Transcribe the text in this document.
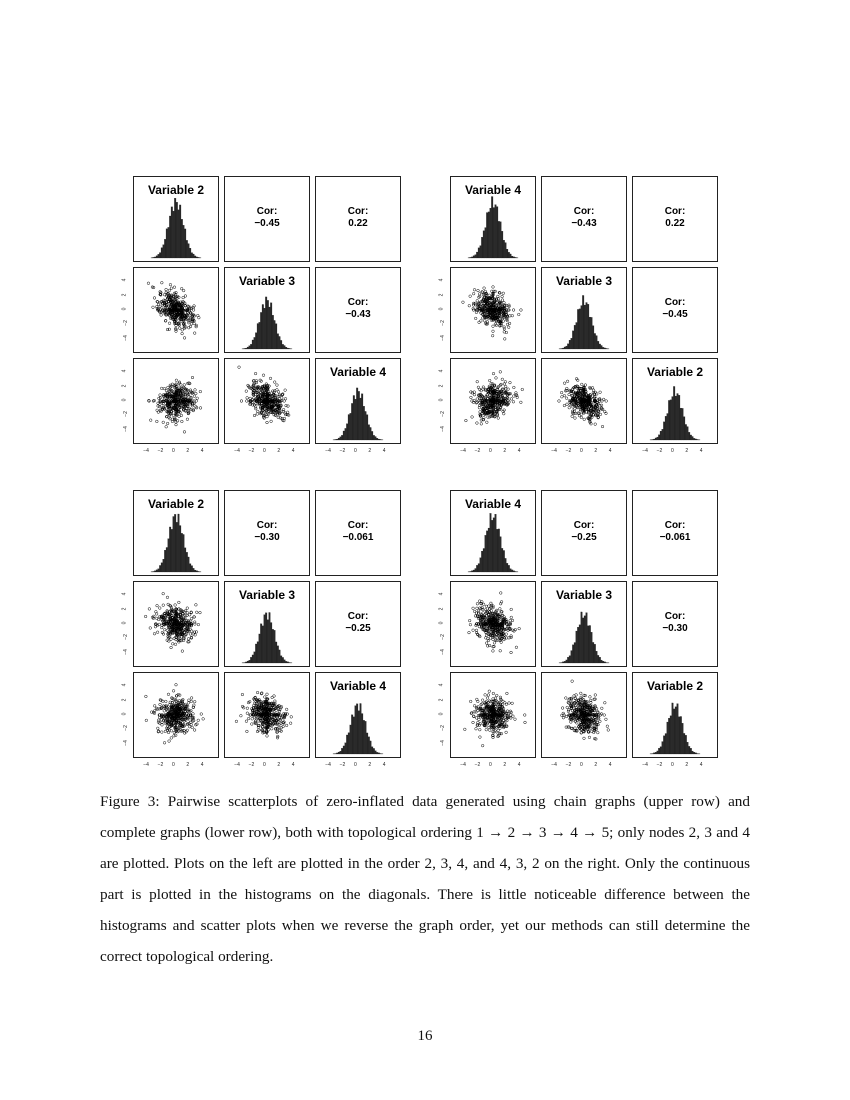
Variable 2
Cor:
−0.45
Cor:
0.22
Variable 3
Cor:
−0.43
Variable 4
−4 −2 0 2 4	−4 −2 0 2 4	−4 −2 0 2 4
−4
−2
0
2
4
−4
−2
0
2
4
Variable 4
Cor:
−0.43
Cor:
0.22
Variable 3
Cor:
−0.45
Variable 2
−4 −2 0 2 4	−4 −2 0 2 4	−4 −2 0 2 4
−4
−2
0
2
4
−4
−2
0
2
4
Variable 2
Cor:
−0.30
Cor:
−0.061
Variable 3
Cor:
−0.25
Variable 4
−4 −2 0 2 4	−4 −2 0 2 4	−4 −2 0 2 4
−4
−2
0
2
4
−4
−2
0
2
4
Variable 4
Cor:
−0.25
Cor:
−0.061
Variable 3
Cor:
−0.30
Variable 2
−4 −2 0 2 4	−4 −2 0 2 4	−4 −2 0 2 4
−4
−2
0
2
4
−4
−2
0
2
4
Figure 3: Pairwise scatterplots of zero-inflated data generated using chain graphs (upper row) and complete graphs (lower row), both with topological ordering 1 → 2 → 3 → 4 → 5; only nodes 2, 3 and 4 are plotted. Plots on the left are plotted in the order 2, 3, 4, and 4, 3, 2 on the right. Only the continuous part is plotted in the histograms on the diagonals. There is little noticeable difference between the histograms and scatter plots when we reverse the graph order, yet our methods can still determine the correct topological ordering.
16
